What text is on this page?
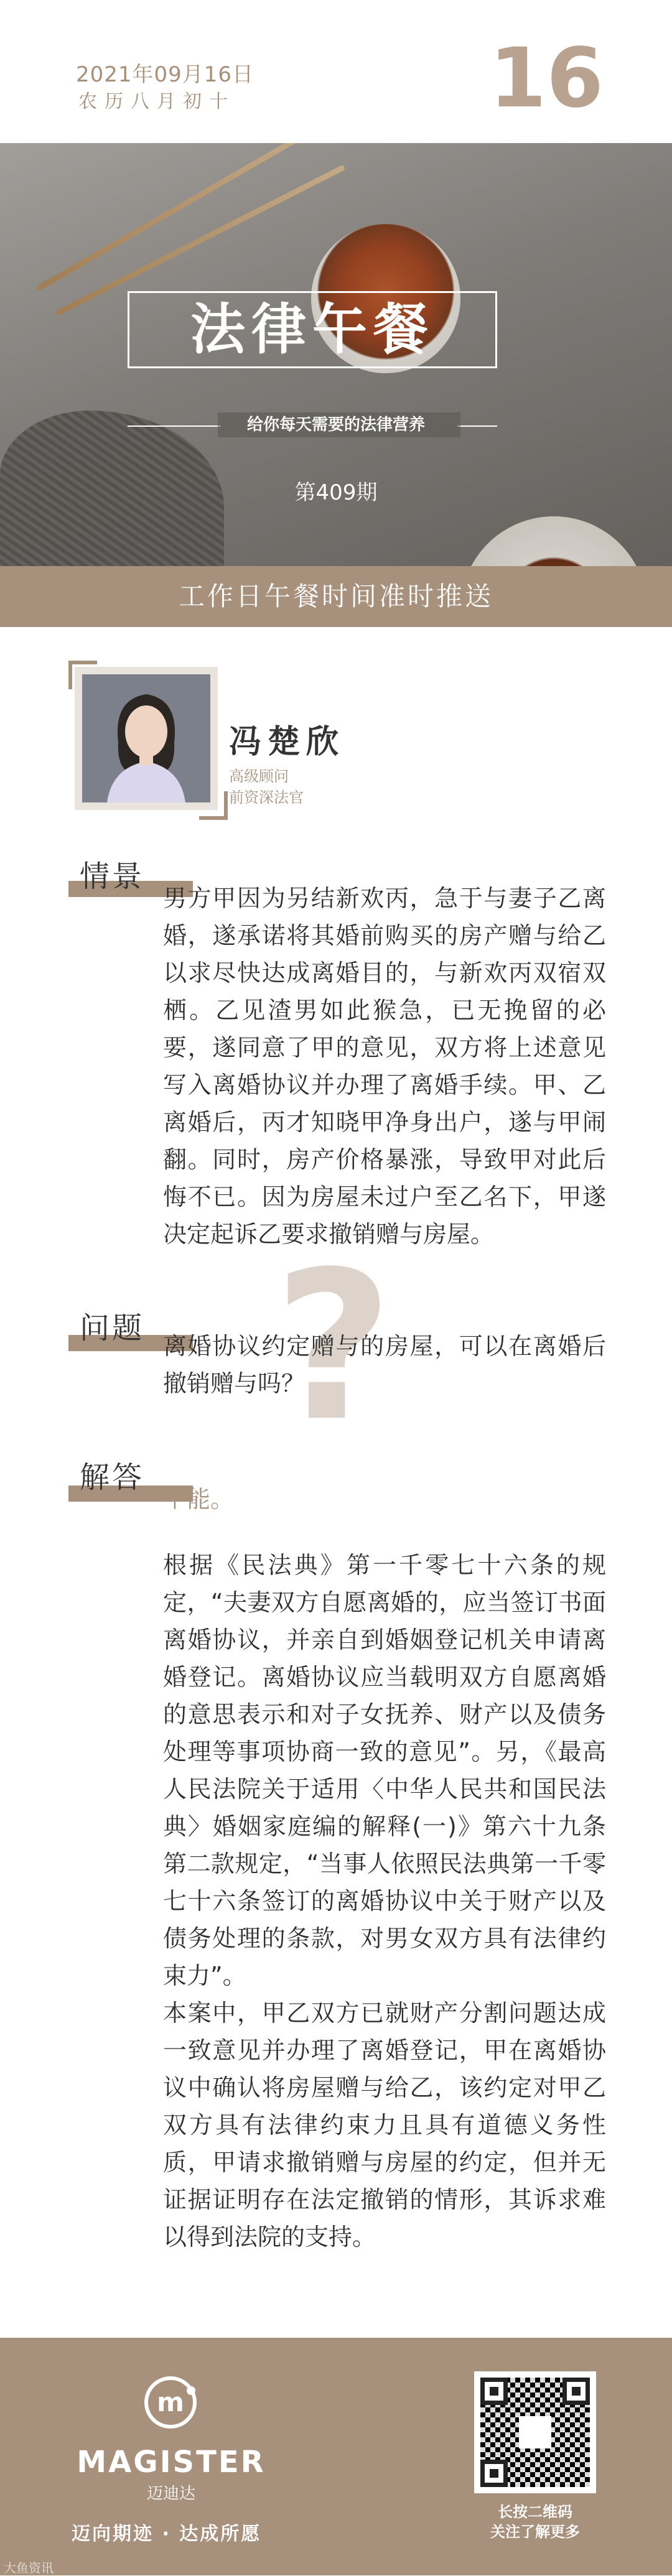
2021年09月16日
农历八月初十	16
法律午餐
给你每天需要的法律营养
第409期
工作日午餐时间准时推送
冯楚欣
高级顾问
前资深法官
情景

男方甲因为另结新欢丙，急于与妻子乙离婚，遂承诺将其婚前购买的房产赠与给乙以求尽快达成离婚目的，与新欢丙双宿双栖。乙见渣男如此猴急，已无挽留的必要，遂同意了甲的意见，双方将上述意见写入离婚协议并办理了离婚手续。甲、乙离婚后，丙才知晓甲净身出户，遂与甲闹翻。同时，房产价格暴涨，导致甲对此后悔不已。因为房屋未过户至乙名下，甲遂决定起诉乙要求撤销赠与房屋。

?
问题

离婚协议约定赠与的房屋，可以在离婚后撤销赠与吗？

解答

不能。

根据《民法典》第一千零七十六条的规定，“夫妻双方自愿离婚的，应当签订书面离婚协议，并亲自到婚姻登记机关申请离婚登记。离婚协议应当载明双方自愿离婚的意思表示和对子女抚养、财产以及债务处理等事项协商一致的意见”。另，《最高人民法院关于适用〈中华人民共和国民法典〉婚姻家庭编的解释(一)》第六十九条第二款规定，“当事人依照民法典第一千零七十六条签订的离婚协议中关于财产以及债务处理的条款，对男女双方具有法律约束力”。

本案中，甲乙双方已就财产分割问题达成一致意见并办理了离婚登记，甲在离婚协议中确认将房屋赠与给乙，该约定对甲乙双方具有法律约束力且具有道德义务性质，甲请求撤销赠与房屋的约定，但并无证据证明存在法定撤销的情形，其诉求难以得到法院的支持。

m
MAGISTER
迈迪达
迈向期迹 · 达成所愿
长按二维码
关注了解更多
大鱼资讯
